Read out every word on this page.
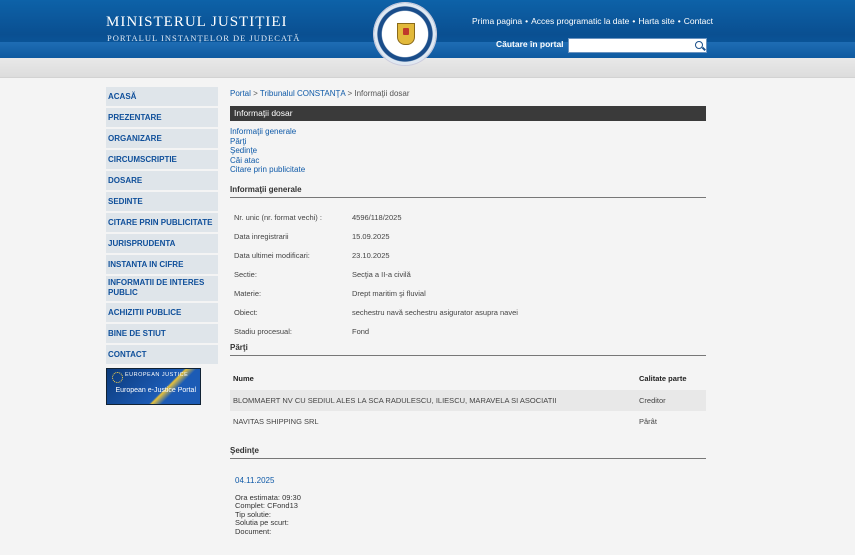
MINISTERUL JUSTIȚIEI
PORTALUL INSTANȚELOR DE JUDECATĂ
Prima pagina • Acces programatic la date • Harta site • Contact
Căutare în portal
ACASĂ
PREZENTARE
ORGANIZARE
CIRCUMSCRIPTIE
DOSARE
SEDINTE
CITARE PRIN PUBLICITATE
JURISPRUDENTA
INSTANTA IN CIFRE
INFORMATII DE INTERES PUBLIC
ACHIZITII PUBLICE
BINE DE STIUT
CONTACT
EUROPEAN JUSTICE
European e-Justice Portal
Portal > Tribunalul CONSTANŢA > Informaţii dosar
Informaţii dosar
Informaţii generale
Părţi
Şedinţe
Căi atac
Citare prin publicitate
Informaţii generale
Nr. unic (nr. format vechi) :	4596/118/2025
Data inregistrarii	15.09.2025
Data ultimei modificari:	23.10.2025
Sectie:	Secţia a II-a civilă
Materie:	Drept maritim şi fluvial
Obiect:	sechestru navă sechestru asigurator asupra navei
Stadiu procesual:	Fond
Părţi
Nume	Calitate parte
BLOMMAERT NV CU SEDIUL ALES LA SCA RADULESCU, ILIESCU, MARAVELA SI ASOCIATII	Creditor
NAVITAS SHIPPING SRL	Pârât
Şedinţe
04.11.2025
Ora estimata: 09:30
Complet: CFond13
Tip solutie:
Solutia pe scurt:
Document:
